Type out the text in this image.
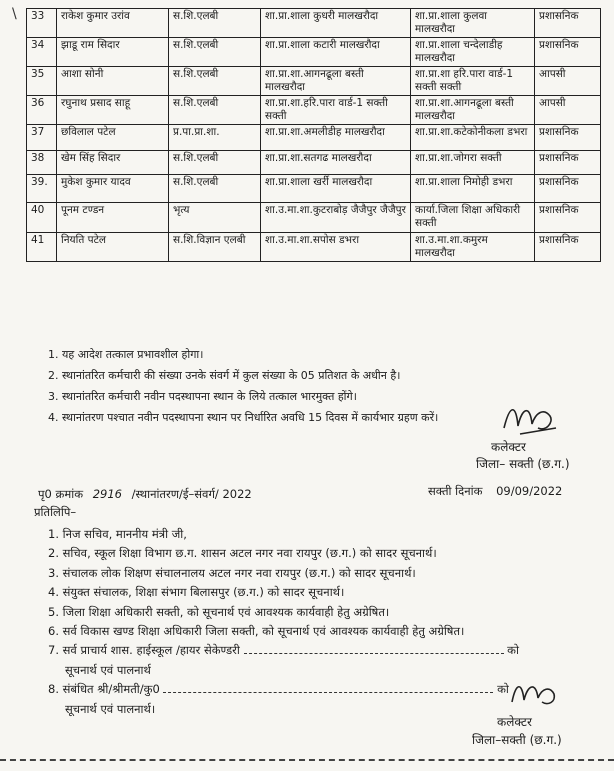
\ 33	राकेश कुमार उरांव	स.शि.एलबी	शा.प्रा.शाला कुधरी मालखरौदा	शा.प्रा.शाला कुलवा मालखरौदा	प्रशासनिक
34	झाडू राम सिदार	स.शि.एलबी	शा.प्रा.शाला कटारी मालखरौदा	शा.प्रा.शाला चन्देलाडीह मालखरौदा	प्रशासनिक
35	आशा सोनी	स.शि.एलबी	शा.प्रा.शा.आगनढूला बस्ती मालखरौदा	शा.प्रा.शा हरि.पारा वार्ड-1 सक्ती सक्ती	आपसी
36	रघुनाथ प्रसाद साहू	स.शि.एलबी	शा.प्रा.शा.हरि.पारा वार्ड-1 सक्ती सक्ती	शा.प्रा.शा.आगनढूला बस्ती मालखरौदा	आपसी
37	छविलाल पटेल	प्र.पा.प्रा.शा.	शा.प्रा.शा.अमलीडीह मालखरौदा	शा.प्रा.शा.कटेकोनीकला डभरा	प्रशासनिक
38	खेम सिंह सिदार	स.शि.एलबी	शा.प्रा.शा.सतगढ मालखरौदा	शा.प्रा.शा.जोगरा सक्ती	प्रशासनिक
39.	मुकेश कुमार यादव	स.शि.एलबी	शा.प्रा.शाला खर्री मालखरौदा	शा.प्रा.शाला निमोही डभरा	प्रशासनिक
40	पूनम टण्डन	भृत्य	शा.उ.मा.शा.कुटराबोड़ जैजैपुर जैजैपुर	कार्या.जिला शिक्षा अधिकारी सक्ती	प्रशासनिक
41	नियति पटेल	स.शि.विज्ञान एलबी	शा.उ.मा.शा.सपोस डभरा	शा.उ.मा.शा.कमुरम मालखरौदा	प्रशासनिक
1. यह आदेश तत्काल प्रभावशील होगा।
2. स्थानांतरित कर्मचारी की संख्या उनके संवर्ग में कुल संख्या के 05 प्रतिशत के अधीन है।
3. स्थानांतरित कर्मचारी नवीन पदस्थापना स्थान के लिये तत्काल भारमुक्त होंगे।
4. स्थानांतरण पश्चात नवीन पदस्थापना स्थान पर निर्धारित अवधि 15 दिवस में कार्यभार ग्रहण करें।
कलेक्टर
जिला– सक्ती (छ.ग.)
पृ0 क्रमांक 2916 /स्थानांतरण/ई–संवर्ग/ 2022	सक्ती दिनांक 09/09/2022
प्रतिलिपि–
1. निज सचिव, माननीय मंत्री जी,
2. सचिव, स्कूल शिक्षा विभाग छ.ग. शासन अटल नगर नवा रायपुर (छ.ग.) को सादर सूचनार्थ।
3. संचालक लोक शिक्षण संचालनालय अटल नगर नवा रायपुर (छ.ग.) को सादर सूचनार्थ।
4. संयुक्त संचालक, शिक्षा संभाग बिलासपुर (छ.ग.) को सादर सूचनार्थ।
5. जिला शिक्षा अधिकारी सक्ती, को सूचनार्थ एवं आवश्यक कार्यवाही हेतु अग्रेषित।
6. सर्व विकास खण्ड शिक्षा अधिकारी जिला सक्ती, को सूचनार्थ एवं आवश्यक कार्यवाही हेतु अग्रेषित।
7. सर्व प्राचार्य शास. हाईस्कूल /हायर सेकेण्डरी	को
सूचनार्थ एवं पालनार्थ
8. संबंधित श्री/श्रीमती/कु0	को
सूचनार्थ एवं पालनार्थ।
कलेक्टर
जिला–सक्ती (छ.ग.)
